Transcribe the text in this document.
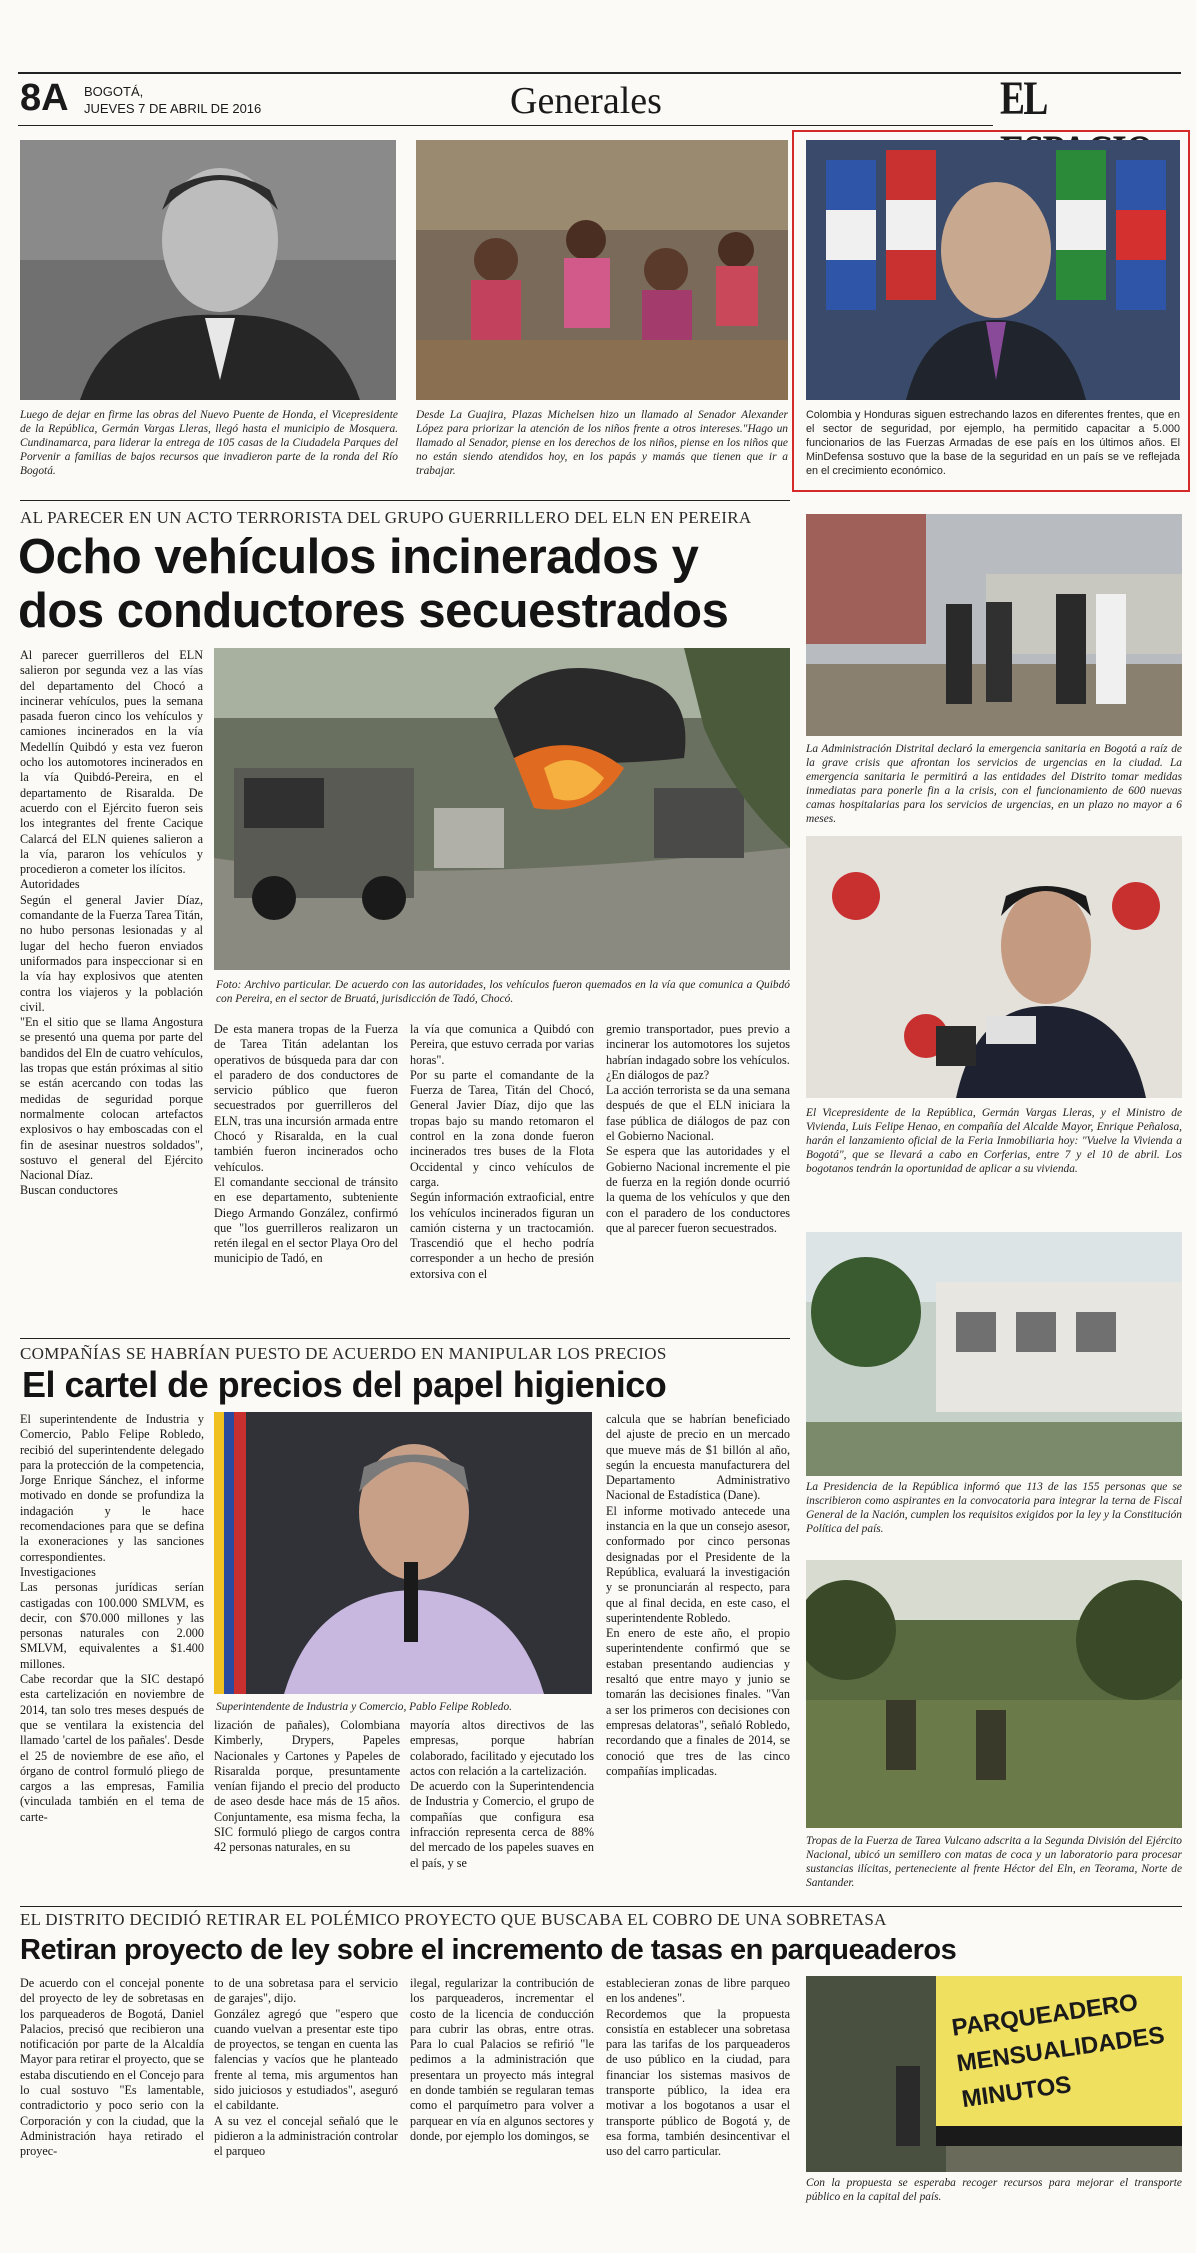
8A BOGOTÁ,
JUEVES 7 DE ABRIL DE 2016	Generales	EL
Luego de dejar en firme las obras del Nuevo Puente de Honda, el Vicepresidente de la República, Germán Vargas Lleras, llegó hasta el municipio de Mosquera. Cundinamarca, para liderar la entrega de 105 casas de la Ciudadela Parques del Porvenir a familias de bajos recursos que invadieron parte de la ronda del Río Bogotá.
Desde La Guajira, Plazas Michelsen hizo un llamado al Senador Alexander López para priorizar la atención de los niños frente a otros intereses."Hago un llamado al Senador, piense en los derechos de los niños, piense en los niños que no están siendo atendidos hoy, en los papás y mamás que tienen que ir a trabajar.
Colombia y Honduras siguen estrechando lazos en diferentes frentes, que en el sector de seguridad, por ejemplo, ha permitido capacitar a 5.000 funcionarios de las Fuerzas Armadas de ese país en los últimos años. El MinDefensa sostuvo que la base de la seguridad en un país se ve reflejada en el crecimiento económico.
AL PARECER EN UN ACTO TERRORISTA DEL GRUPO GUERRILLERO DEL ELN EN PEREIRA
Ocho vehículos incinerados y
dos conductores secuestrados

Al parecer guerrilleros del ELN salieron por segunda vez a las vías del departamento del Chocó a incinerar vehículos, pues la semana pasada fueron cinco los vehículos y camiones incinerados en la vía Medellín Quibdó y esta vez fueron ocho los automotores incinerados en la vía Quibdó-Pereira, en el departamento de Risaralda. De acuerdo con el Ejército fueron seis los integrantes del frente Cacique Calarcá del ELN quienes salieron a la vía, pararon los vehículos y procedieron a cometer los ilícitos.

Autoridades

Según el general Javier Díaz, comandante de la Fuerza Tarea Titán, no hubo personas lesionadas y al lugar del hecho fueron enviados uniformados para inspeccionar si en la vía hay explosivos que atenten contra los viajeros y la población civil.

"En el sitio que se llama Angostura se presentó una quema por parte del bandidos del Eln de cuatro vehículos, las tropas que están próximas al sitio se están acercando con todas las medidas de seguridad porque normalmente colocan artefactos explosivos o hay emboscadas con el fin de asesinar nuestros soldados", sostuvo el general del Ejército Nacional Díaz.

Buscan conductores

Foto: Archivo particular. De acuerdo con las autoridades, los vehículos fueron quemados en la vía que comunica a Quibdó con Pereira, en el sector de Bruatá, jurisdicción de Tadó, Chocó.

De esta manera tropas de la Fuerza de Tarea Titán adelantan los operativos de búsqueda para dar con el paradero de dos conductores de servicio público que fueron secuestrados por guerrilleros del ELN, tras una incursión armada entre Chocó y Risaralda, en la cual también fueron incinerados ocho vehículos.

El comandante seccional de tránsito en ese departamento, subteniente Diego Armando González, confirmó que "los guerrilleros realizaron un retén ilegal en el sector Playa Oro del municipio de Tadó, en

la vía que comunica a Quibdó con Pereira, que estuvo cerrada por varias horas".

Por su parte el comandante de la Fuerza de Tarea, Titán del Chocó, General Javier Díaz, dijo que las tropas bajo su mando retomaron el control en la zona donde fueron incinerados tres buses de la Flota Occidental y cinco vehículos de carga.

Según información extraoficial, entre los vehículos incinerados figuran un camión cisterna y un tractocamión. Trascendió que el hecho podría corresponder a un hecho de presión extorsiva con el

gremio transportador, pues previo a incinerar los automotores los sujetos habrían indagado sobre los vehículos.

¿En diálogos de paz?

La acción terrorista se da una semana después de que el ELN iniciara la fase pública de diálogos de paz con el Gobierno Nacional.

Se espera que las autoridades y el Gobierno Nacional incremente el pie de fuerza en la región donde ocurrió la quema de los vehículos y que den con el paradero de los conductores que al parecer fueron secuestrados.

La Administración Distrital declaró la emergencia sanitaria en Bogotá a raíz de la grave crisis que afrontan los servicios de urgencias en la ciudad. La emergencia sanitaria le permitirá a las entidades del Distrito tomar medidas inmediatas para ponerle fin a la crisis, con el funcionamiento de 600 nuevas camas hospitalarias para los servicios de urgencias, en un plazo no mayor a 6 meses.
El Vicepresidente de la República, Germán Vargas Lleras, y el Ministro de Vivienda, Luis Felipe Henao, en compañía del Alcalde Mayor, Enrique Peñalosa, harán el lanzamiento oficial de la Feria Inmobiliaria hoy: "Vuelve la Vivienda a Bogotá", que se llevará a cabo en Corferias, entre 7 y el 10 de abril. Los bogotanos tendrán la oportunidad de aplicar a su vivienda.
La Presidencia de la República informó que 113 de las 155 personas que se inscribieron como aspirantes en la convocatoria para integrar la terna de Fiscal General de la Nación, cumplen los requisitos exigidos por la ley y la Constitución Política del país.
Tropas de la Fuerza de Tarea Vulcano adscrita a la Segunda División del Ejército Nacional, ubicó un semillero con matas de coca y un laboratorio para procesar sustancias ilícitas, perteneciente al frente Héctor del Eln, en Teorama, Norte de Santander.
COMPAÑÍAS SE HABRÍAN PUESTO DE ACUERDO EN MANIPULAR LOS PRECIOS
El cartel de precios del papel higienico

El superintendente de Industria y Comercio, Pablo Felipe Robledo, recibió del superintendente delegado para la protección de la competencia, Jorge Enrique Sánchez, el informe motivado en donde se profundiza la indagación y le hace recomendaciones para que se defina la exoneraciones y las sanciones correspondientes.

Investigaciones

Las personas jurídicas serían castigadas con 100.000 SMLVM, es decir, con $70.000 millones y las personas naturales con 2.000 SMLVM, equivalentes a $1.400 millones.

Cabe recordar que la SIC destapó esta cartelización en noviembre de 2014, tan solo tres meses después de que se ventilara la existencia del llamado 'cartel de los pañales'. Desde el 25 de noviembre de ese año, el órgano de control formuló pliego de cargos a las empresas, Familia (vinculada también en el tema de carte-

Superintendente de Industria y Comercio, Pablo Felipe Robledo.

lización de pañales), Colombiana Kimberly, Drypers, Papeles Nacionales y Cartones y Papeles de Risaralda porque, presuntamente venían fijando el precio del producto de aseo desde hace más de 15 años. Conjuntamente, esa misma fecha, la SIC formuló pliego de cargos contra 42 personas naturales, en su

mayoría altos directivos de las empresas, porque habrían colaborado, facilitado y ejecutado los actos con relación a la cartelización.

De acuerdo con la Superintendencia de Industria y Comercio, el grupo de compañías que configura esa infracción representa cerca de 88% del mercado de los papeles suaves en el país, y se

calcula que se habrían beneficiado del ajuste de precio en un mercado que mueve más de $1 billón al año, según la encuesta manufacturera del Departamento Administrativo Nacional de Estadística (Dane).

El informe motivado antecede una instancia en la que un consejo asesor, conformado por cinco personas designadas por el Presidente de la República, evaluará la investigación y se pronunciarán al respecto, para que al final decida, en este caso, el superintendente Robledo.

En enero de este año, el propio superintendente confirmó que se estaban presentando audiencias y resaltó que entre mayo y junio se tomarán las decisiones finales. "Van a ser los primeros con decisiones con empresas delatoras", señaló Robledo, recordando que a finales de 2014, se conoció que tres de las cinco compañías implicadas.

EL DISTRITO DECIDIÓ RETIRAR EL POLÉMICO PROYECTO QUE BUSCABA EL COBRO DE UNA SOBRETASA
Retiran proyecto de ley sobre el incremento de tasas en parqueaderos

De acuerdo con el concejal ponente del proyecto de ley de sobretasas en los parqueaderos de Bogotá, Daniel Palacios, precisó que recibieron una notificación por parte de la Alcaldía Mayor para retirar el proyecto, que se estaba discutiendo en el Concejo para lo cual sostuvo "Es lamentable, contradictorio y poco serio con la Corporación y con la ciudad, que la Administración haya retirado el proyec-

to de una sobretasa para el servicio de garajes", dijo.

González agregó que "espero que cuando vuelvan a presentar este tipo de proyectos, se tengan en cuenta las falencias y vacíos que he planteado frente al tema, mis argumentos han sido juiciosos y estudiados", aseguró el cabildante.

A su vez el concejal señaló que le pidieron a la administración controlar el parqueo

ilegal, regularizar la contribución de los parqueaderos, incrementar el costo de la licencia de conducción para cubrir las obras, entre otras. Para lo cual Palacios se refirió "le pedimos a la administración que presentara un proyecto más integral en donde también se regularan temas como el parquímetro para volver a parquear en vía en algunos sectores y donde, por ejemplo los domingos, se

establecieran zonas de libre parqueo en los andenes".

Recordemos que la propuesta consistía en establecer una sobretasa para las tarifas de los parqueaderos de uso público en la ciudad, para financiar los sistemas masivos de transporte público, la idea era motivar a los bogotanos a usar el transporte público de Bogotá y, de esa forma, también desincentivar el uso del carro particular.

PARQUEADERO MENSUALIDADES MINUTOS
Con la propuesta se esperaba recoger recursos para mejorar el transporte público en la capital del país.
